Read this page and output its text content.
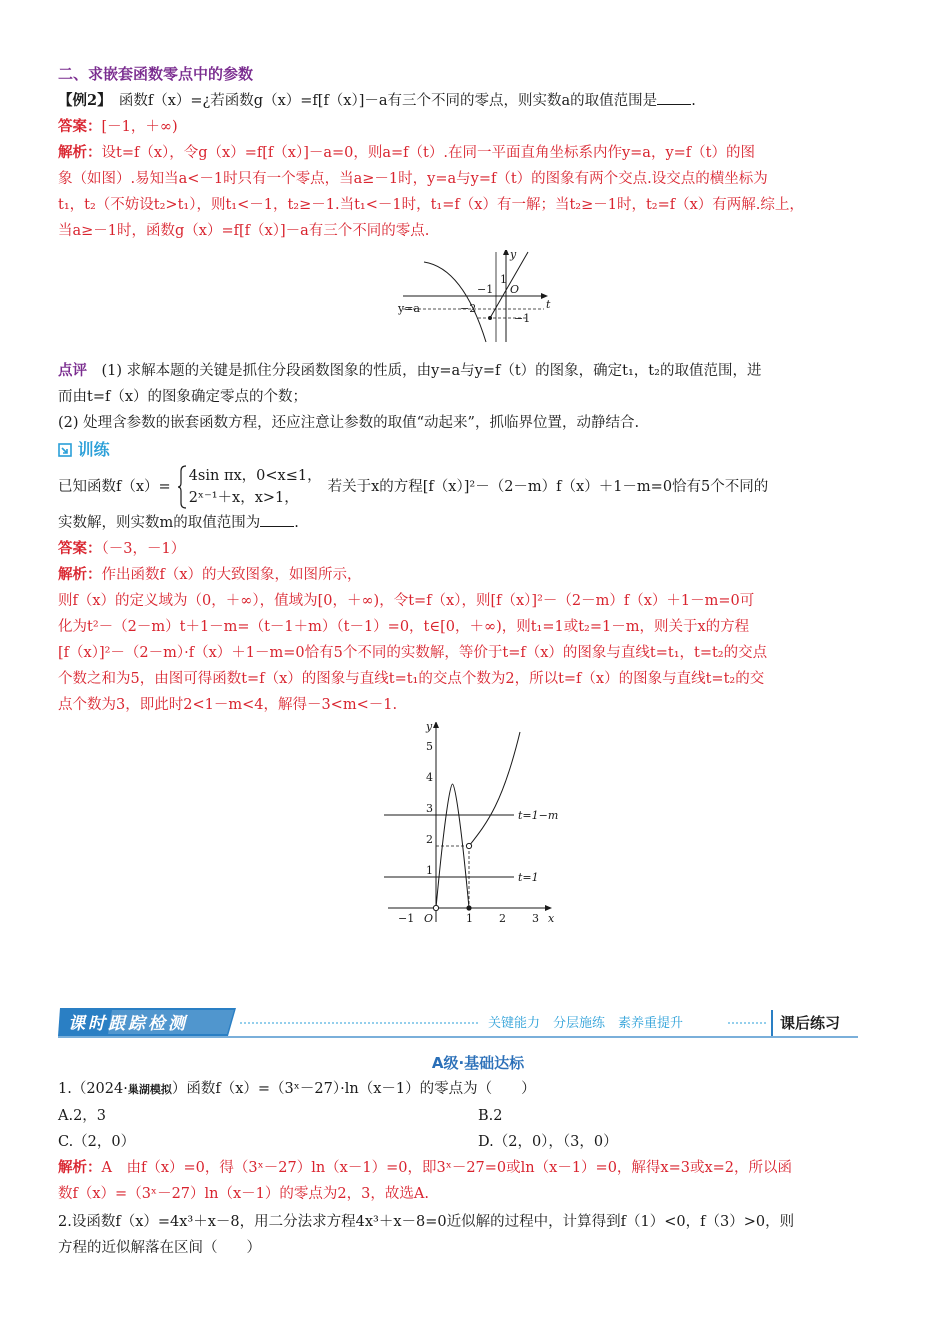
二、求嵌套函数零点中的参数
【例2】　函数f（x）=¿若函数g（x）=f[f（x）]－a有三个不同的零点，则实数a的取值范围是 .
答案：[－1，＋∞)
解析：设t=f（x），令g（x）=f[f（x）]－a=0，则a=f（t）.在同一平面直角坐标系内作y=a，y=f（t）的图
象（如图）.易知当a<－1时只有一个零点，当a≥－1时，y=a与y=f（t）的图象有两个交点.设交点的横坐标为
t₁，t₂（不妨设t₂>t₁），则t₁<－1，t₂≥－1.当t₁<－1时，t₁=f（x）有一解；当t₂≥－1时，t₂=f（x）有两解.综上，
当a≥－1时，函数g（x）=f[f（x）]－a有三个不同的零点.
y
t
O
−1
1
−2
−1
y=a
点评　(1) 求解本题的关键是抓住分段函数图象的性质，由y=a与y=f（t）的图象，确定t₁，t₂的取值范围，进
而由t=f（x）的图象确定零点的个数；
(2) 处理含参数的嵌套函数方程，还应注意让参数的取值“动起来”，抓临界位置，动静结合.
训练
已知函数f（x）=
4sin πx，0<x≤1，
2ˣ⁻¹＋x，x>1，
若关于x的方程[f（x）]²－（2－m）f（x）＋1－m=0恰有5个不同的
实数解，则实数m的取值范围为 .
答案：（－3，－1）
解析：作出函数f（x）的大致图象，如图所示，
则f（x）的定义域为（0，＋∞），值域为[0，＋∞)，令t=f（x），则[f（x）]²－（2－m）f（x）＋1－m=0可
化为t²－（2－m）t＋1－m=（t－1＋m）（t－1）=0，t∈[0，＋∞)，则t₁=1或t₂=1－m，则关于x的方程
[f（x）]²－（2－m）·f（x）＋1－m=0恰有5个不同的实数解，等价于t=f（x）的图象与直线t=t₁，t=t₂的交点
个数之和为5，由图可得函数t=f（x）的图象与直线t=t₁的交点个数为2，所以t=f（x）的图象与直线t=t₂的交
点个数为3，即此时2<1－m<4，解得－3<m<－1.
y
x
O
5
4
3
2
1
−1	1 2 3
t=1−m
t=1
课时跟踪检测	关键能力　分层施练　素养重提升	课后练习
A级·基础达标
1.（2024·巢湖模拟）函数f（x）=（3ˣ－27）·ln（x－1）的零点为（　　）
A.2，3	B.2
C.（2，0）	D.（2，0），（3，0）
解析：A　由f（x）=0，得（3ˣ－27）ln（x－1）=0，即3ˣ－27=0或ln（x－1）=0，解得x=3或x=2，所以函
数f（x）=（3ˣ－27）ln（x－1）的零点为2，3，故选A.
2.设函数f（x）=4x³＋x－8，用二分法求方程4x³＋x－8=0近似解的过程中，计算得到f（1）<0，f（3）>0，则
方程的近似解落在区间（　　）
